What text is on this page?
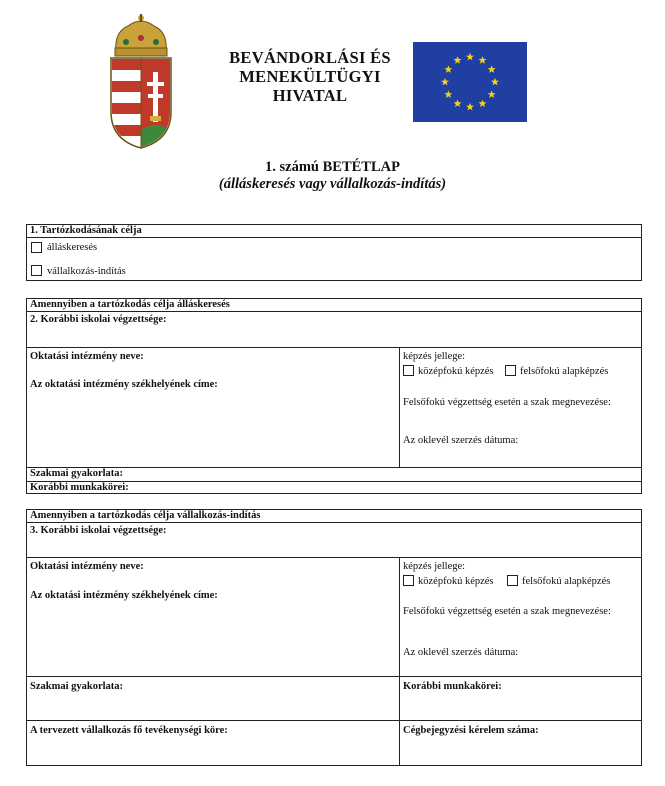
BEVÁNDORLÁSI ÉS
MENEKÜLTÜGYI
HIVATAL
1. számú BETÉTLAP
(álláskeresés vagy vállalkozás-indítás)
1. Tartózkodásának célja
álláskeresés
vállalkozás-indítás
Amennyiben a tartózkodás célja álláskeresés
2. Korábbi iskolai végzettsége:
Oktatási intézmény neve:
Az oktatási intézmény székhelyének címe:
képzés jellege:
középfokú képzés	felsőfokú alapképzés
Felsőfokú végzettség esetén a szak megnevezése:
Az oklevél szerzés dátuma:
Szakmai gyakorlata:
Korábbi munkakörei:
Amennyiben a tartózkodás célja vállalkozás-indítás
3. Korábbi iskolai végzettsége:
Oktatási intézmény neve:
Az oktatási intézmény székhelyének címe:
képzés jellege:
középfokú képzés	felsőfokú alapképzés
Felsőfokú végzettség esetén a szak megnevezése:
Az oklevél szerzés dátuma:
Szakmai gyakorlata:	Korábbi munkakörei:
A tervezett vállalkozás fő tevékenységi köre:	Cégbejegyzési kérelem száma:
